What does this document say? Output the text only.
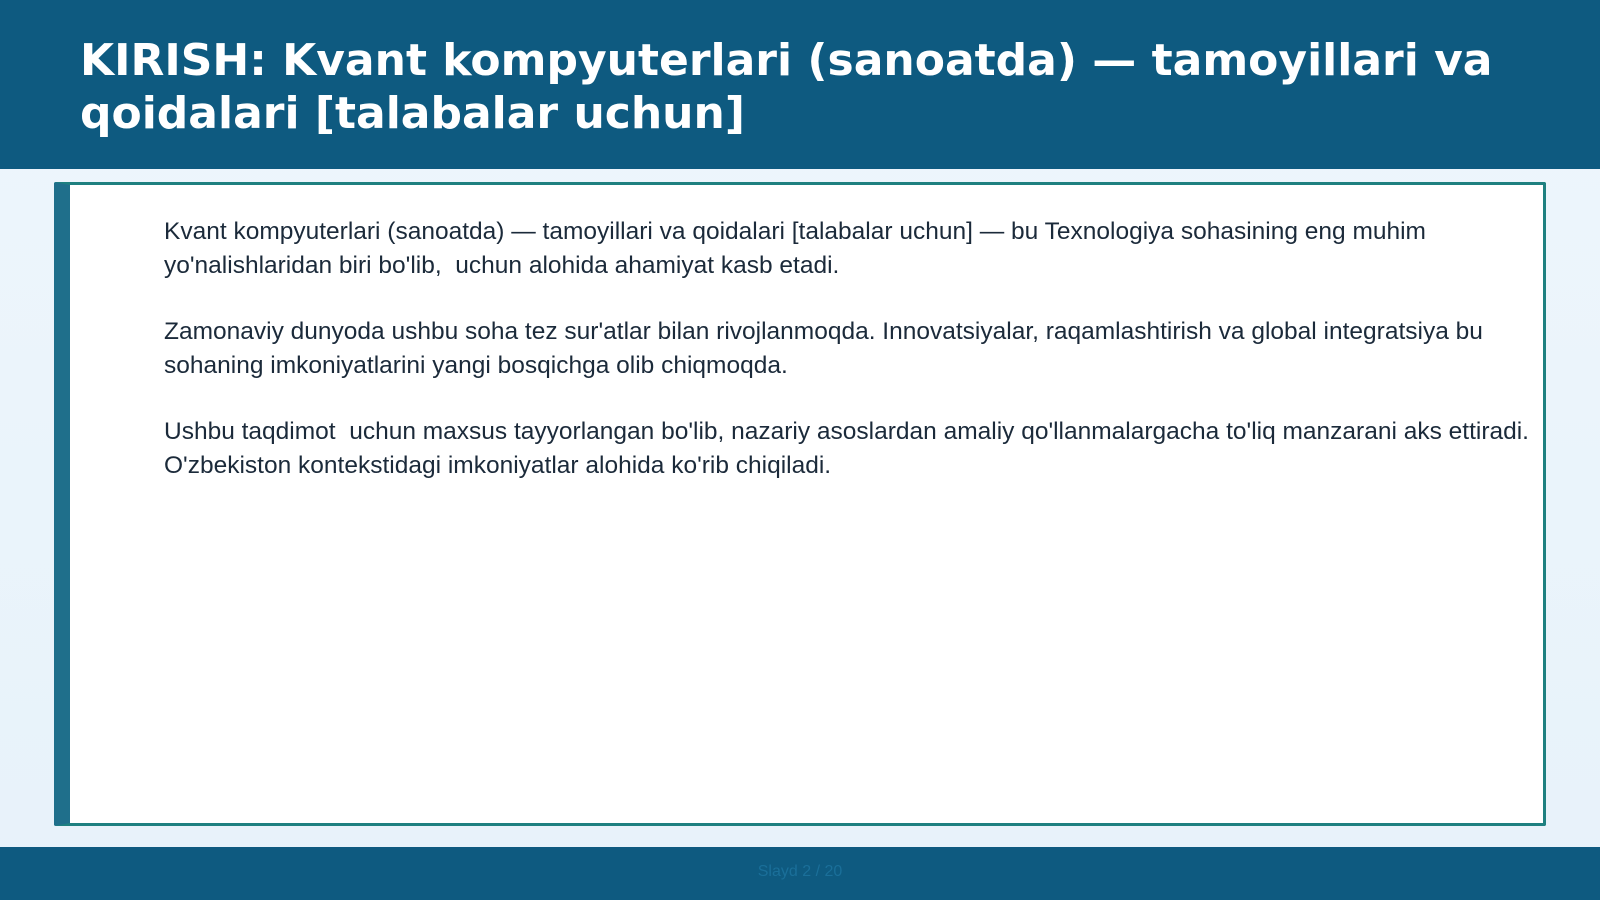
KIRISH: Kvant kompyuterlari (sanoatda) — tamoyillari va qoidalari [talabalar uchun]

Kvant kompyuterlari (sanoatda) — tamoyillari va qoidalari [talabalar uchun] — bu Texnologiya sohasining eng muhim yo'nalishlaridan biri bo'lib,  uchun alohida ahamiyat kasb etadi.

Zamonaviy dunyoda ushbu soha tez sur'atlar bilan rivojlanmoqda. Innovatsiyalar, raqamlashtirish va global integratsiya bu sohaning imkoniyatlarini yangi bosqichga olib chiqmoqda.

Ushbu taqdimot  uchun maxsus tayyorlangan bo'lib, nazariy asoslardan amaliy qo'llanmalargacha to'liq manzarani aks ettiradi. O'zbekiston kontekstidagi imkoniyatlar alohida ko'rib chiqiladi.

Slayd 2 / 20
